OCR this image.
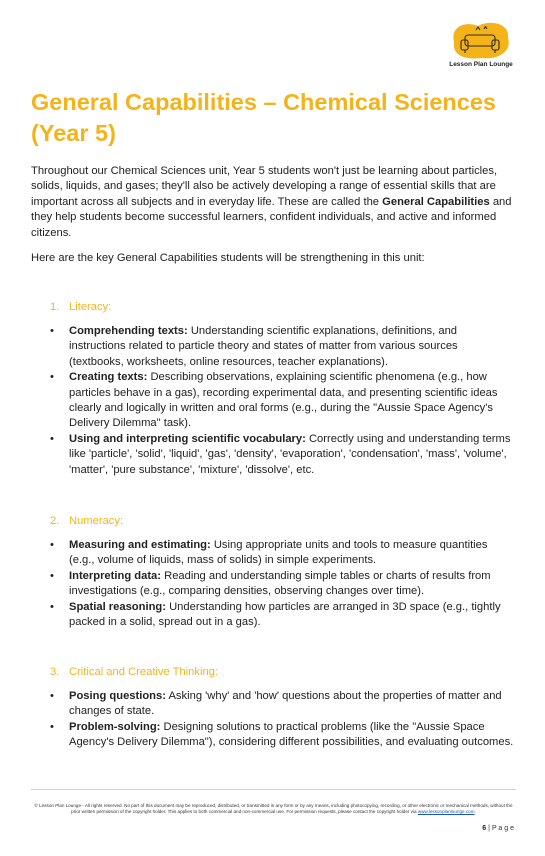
Lesson Plan Lounge
General Capabilities – Chemical Sciences (Year 5)

Throughout our Chemical Sciences unit, Year 5 students won't just be learning about particles, solids, liquids, and gases; they'll also be actively developing a range of essential skills that are important across all subjects and in everyday life. These are called the General Capabilities and they help students become successful learners, confident individuals, and active and informed citizens.

Here are the key General Capabilities students will be strengthening in this unit:

1. Literacy:
• Comprehending texts: Understanding scientific explanations, definitions, and instructions related to particle theory and states of matter from various sources (textbooks, worksheets, online resources, teacher explanations).
• Creating texts: Describing observations, explaining scientific phenomena (e.g., how particles behave in a gas), recording experimental data, and presenting scientific ideas clearly and logically in written and oral forms (e.g., during the "Aussie Space Agency's Delivery Dilemma" task).
• Using and interpreting scientific vocabulary: Correctly using and understanding terms like 'particle', 'solid', 'liquid', 'gas', 'density', 'evaporation', 'condensation', 'mass', 'volume', 'matter', 'pure substance', 'mixture', 'dissolve', etc.
2. Numeracy:
• Measuring and estimating: Using appropriate units and tools to measure quantities (e.g., volume of liquids, mass of solids) in simple experiments.
• Interpreting data: Reading and understanding simple tables or charts of results from investigations (e.g., comparing densities, observing changes over time).
• Spatial reasoning: Understanding how particles are arranged in 3D space (e.g., tightly packed in a solid, spread out in a gas).
3. Critical and Creative Thinking:
• Posing questions: Asking 'why' and 'how' questions about the properties of matter and changes of state.
• Problem-solving: Designing solutions to practical problems (like the "Aussie Space Agency's Delivery Dilemma"), considering different possibilities, and evaluating outcomes.
© Lesson Plan Lounge - All rights reserved. No part of this document may be reproduced, distributed, or transmitted in any form or by any means, including photocopying, recording, or other electronic or mechanical methods, without the prior written permission of the copyright holder. This applies to both commercial and non-commercial use. For permission requests, please contact the copyright holder via www.lessonplanlounge.com.
6 | P a g e
